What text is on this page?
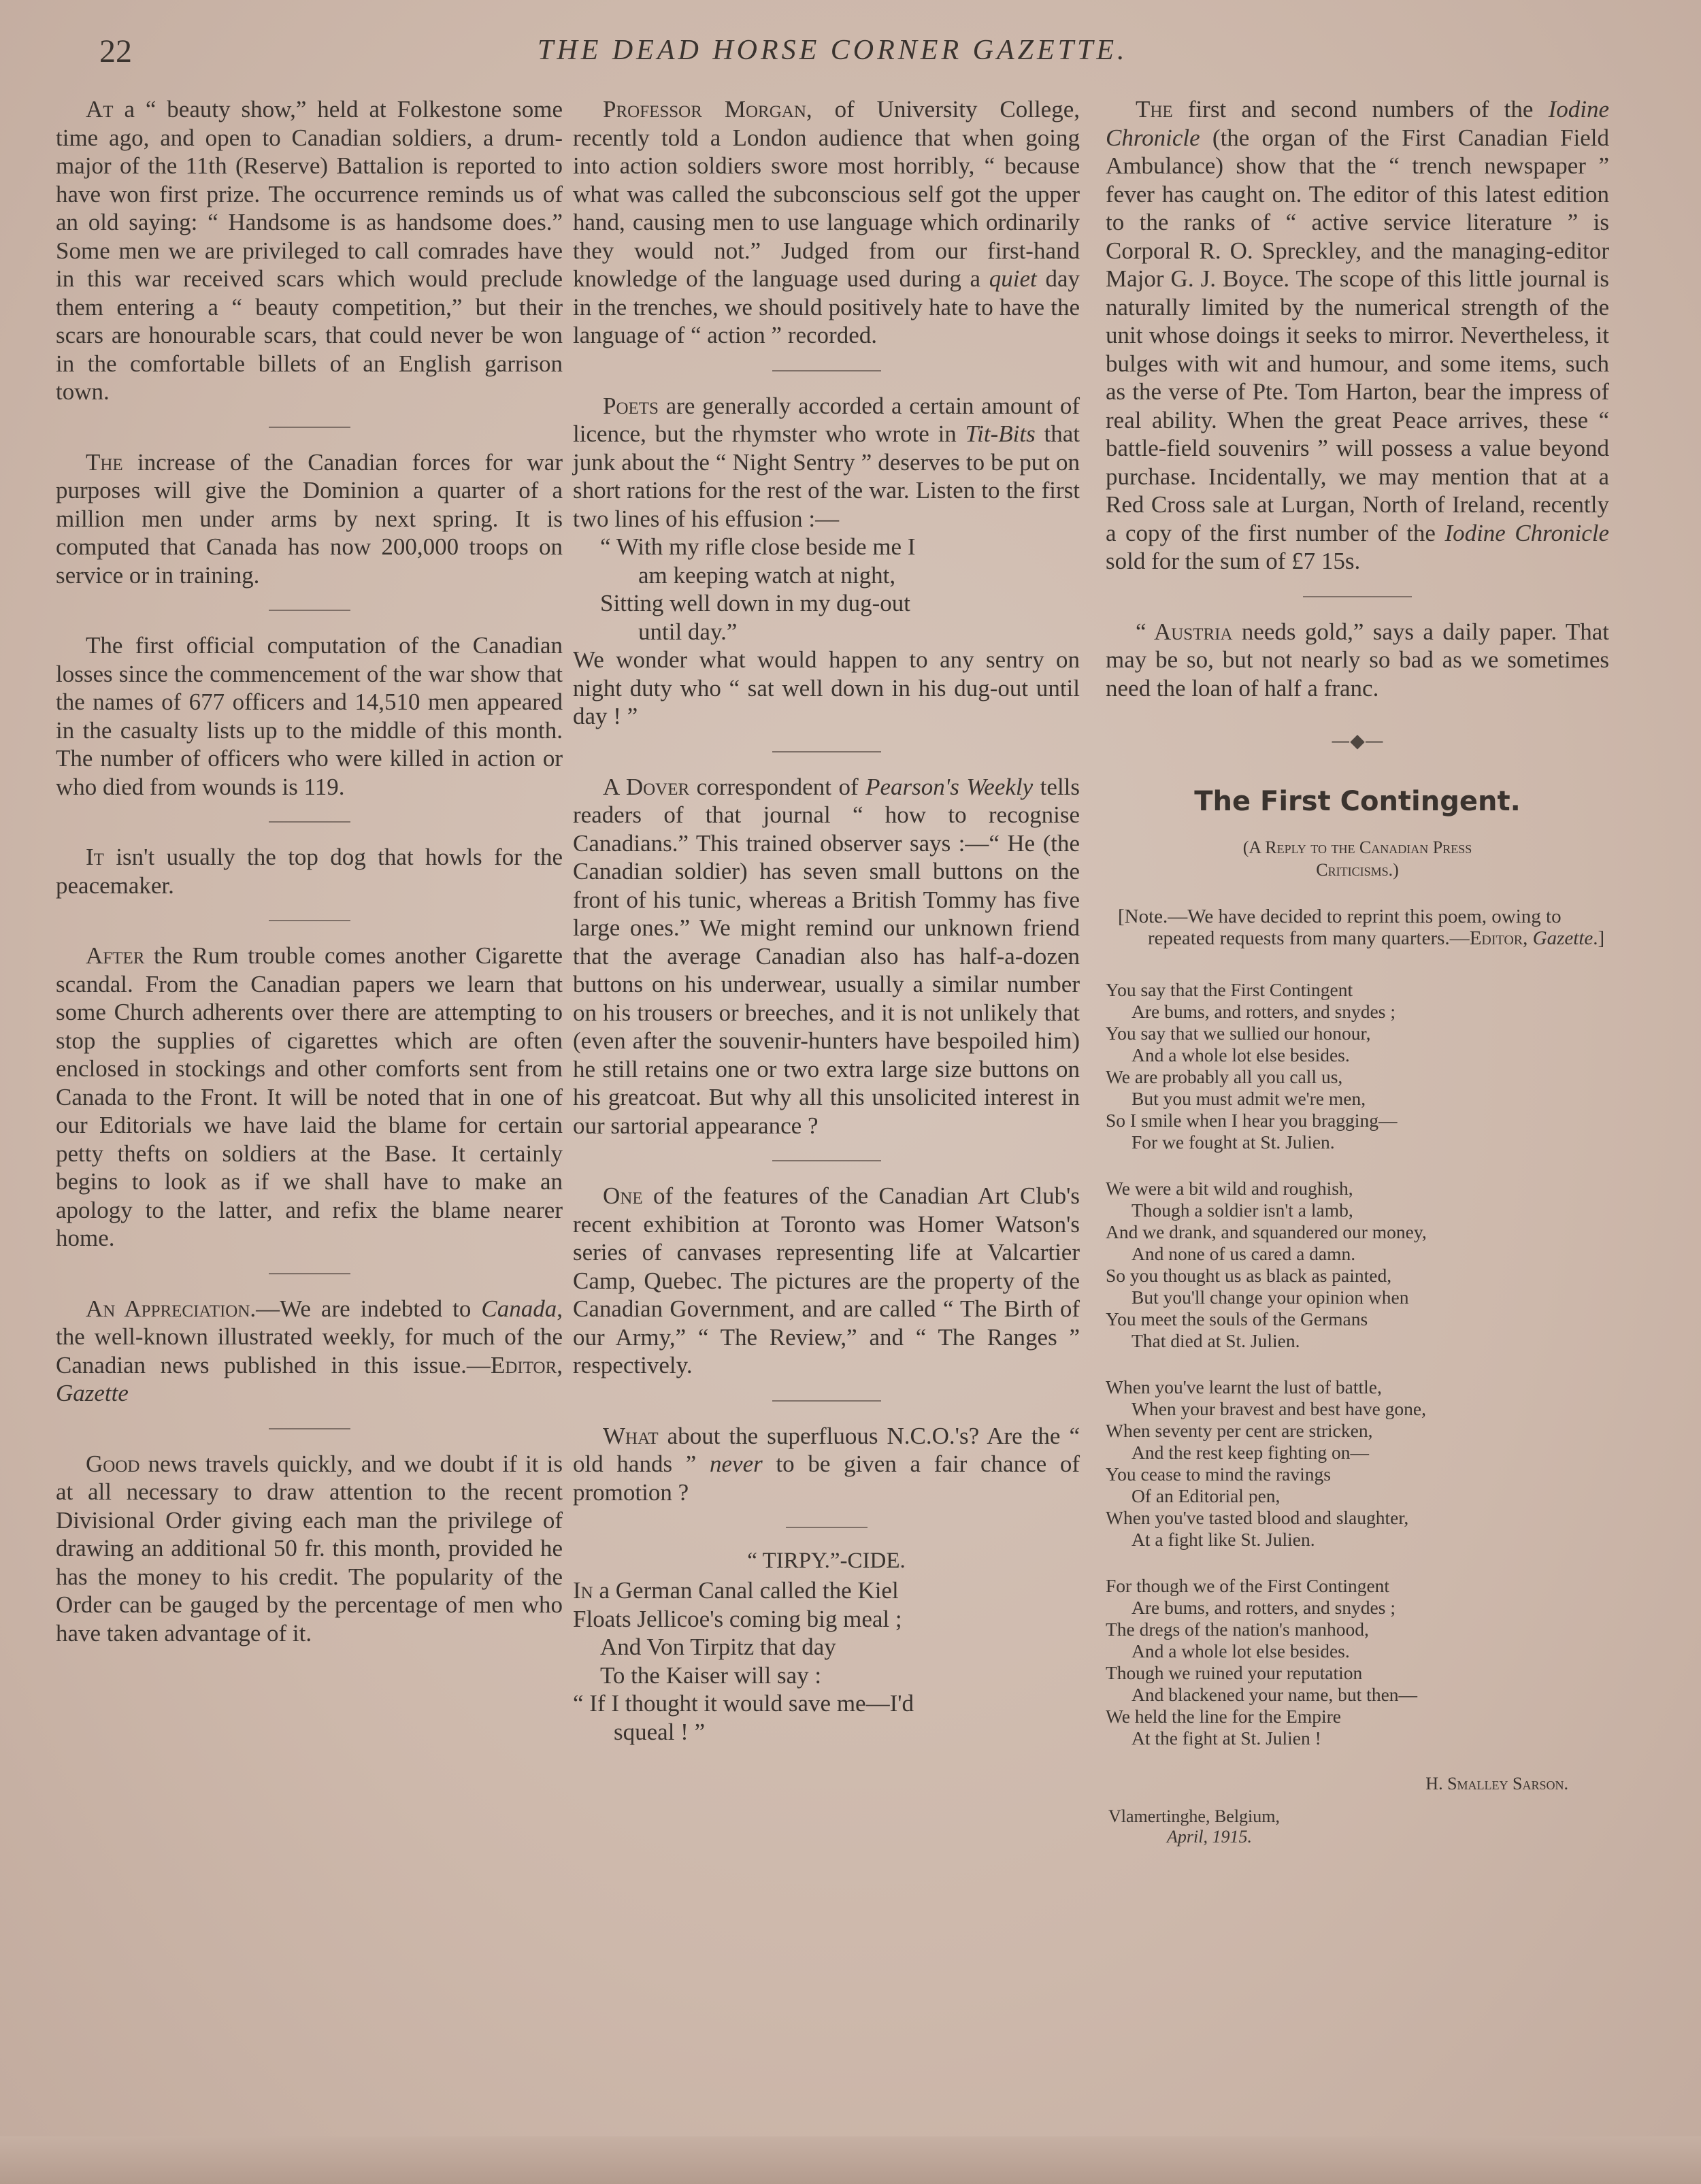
22	THE DEAD HORSE CORNER GAZETTE.

At a “ beauty show,” held at Folkestone some time ago, and open to Canadian soldiers, a drum-major of the 11th (Reserve) Battalion is reported to have won first prize. The occurrence reminds us of an old saying: “ Handsome is as handsome does.” Some men we are privileged to call comrades have in this war received scars which would preclude them entering a “ beauty competition,” but their scars are honourable scars, that could never be won in the comfortable billets of an English garrison town.

The increase of the Canadian forces for war purposes will give the Dominion a quarter of a million men under arms by next spring. It is computed that Canada has now 200,000 troops on service or in training.

The first official computation of the Canadian losses since the commencement of the war show that the names of 677 officers and 14,510 men appeared in the casualty lists up to the middle of this month. The number of officers who were killed in action or who died from wounds is 119.

It isn't usually the top dog that howls for the peacemaker.

After the Rum trouble comes another Cigarette scandal. From the Canadian papers we learn that some Church adherents over there are attempting to stop the supplies of cigarettes which are often enclosed in stockings and other comforts sent from Canada to the Front. It will be noted that in one of our Editorials we have laid the blame for certain petty thefts on soldiers at the Base. It certainly begins to look as if we shall have to make an apology to the latter, and refix the blame nearer home.

An Appreciation.—We are indebted to Canada, the well-known illustrated weekly, for much of the Canadian news published in this issue.—Editor, Gazette

Good news travels quickly, and we doubt if it is at all necessary to draw attention to the recent Divisional Order giving each man the privilege of drawing an additional 50 fr. this month, provided he has the money to his credit. The popularity of the Order can be gauged by the percentage of men who have taken advantage of it.

Professor Morgan, of University College, recently told a London audience that when going into action soldiers swore most horribly, “ because what was called the subconscious self got the upper hand, causing men to use language which ordinarily they would not.” Judged from our first-hand knowledge of the language used during a quiet day in the trenches, we should positively hate to have the language of “ action ” recorded.

Poets are generally accorded a certain amount of licence, but the rhymster who wrote in Tit-Bits that junk about the “ Night Sentry ” deserves to be put on short rations for the rest of the war. Listen to the first two lines of his effusion :—

“ With my rifle close beside me I
am keeping watch at night,
Sitting well down in my dug-out
until day.”

We wonder what would happen to any sentry on night duty who “ sat well down in his dug-out until day ! ”

A Dover correspondent of Pearson's Weekly tells readers of that journal “ how to recognise Canadians.” This trained observer says :—“ He (the Canadian soldier) has seven small buttons on the front of his tunic, whereas a British Tommy has five large ones.” We might remind our unknown friend that the average Canadian also has half-a-dozen buttons on his underwear, usually a similar number on his trousers or breeches, and it is not unlikely that (even after the souvenir-hunters have bespoiled him) he still retains one or two extra large size buttons on his greatcoat. But why all this unsolicited interest in our sartorial appearance ?

One of the features of the Canadian Art Club's recent exhibition at Toronto was Homer Watson's series of canvases representing life at Valcartier Camp, Quebec. The pictures are the property of the Canadian Government, and are called “ The Birth of our Army,” “ The Review,” and “ The Ranges ” respectively.

What about the superfluous N.C.O.'s? Are the “ old hands ” never to be given a fair chance of promotion ?

“ TIRPY.”-CIDE.
In a German Canal called the Kiel
Floats Jellicoe's coming big meal ;
And Von Tirpitz that day
To the Kaiser will say :
“ If I thought it would save me—I'd
squeal ! ”

The first and second numbers of the Iodine Chronicle (the organ of the First Canadian Field Ambulance) show that the “ trench newspaper ” fever has caught on. The editor of this latest edition to the ranks of “ active service literature ” is Corporal R. O. Spreckley, and the managing-editor Major G. J. Boyce. The scope of this little journal is naturally limited by the numerical strength of the unit whose doings it seeks to mirror. Nevertheless, it bulges with wit and humour, and some items, such as the verse of Pte. Tom Harton, bear the impress of real ability. When the great Peace arrives, these “ battle-field souvenirs ” will possess a value beyond purchase. Incidentally, we may mention that at a Red Cross sale at Lurgan, North of Ireland, recently a copy of the first number of the Iodine Chronicle sold for the sum of £7 15s.

“ Austria needs gold,” says a daily paper. That may be so, but not nearly so bad as we sometimes need the loan of half a franc.

—◆—
The First Contingent.
(A Reply to the Canadian Press
Criticisms.)
[Note.—We have decided to reprint this poem, owing to repeated requests from many quarters.—Editor, Gazette.]
You say that the First Contingent
Are bums, and rotters, and snydes ;
You say that we sullied our honour,
And a whole lot else besides.
We are probably all you call us,
But you must admit we're men,
So I smile when I hear you bragging—
For we fought at St. Julien.
We were a bit wild and roughish,
Though a soldier isn't a lamb,
And we drank, and squandered our money,
And none of us cared a damn.
So you thought us as black as painted,
But you'll change your opinion when
You meet the souls of the Germans
That died at St. Julien.
When you've learnt the lust of battle,
When your bravest and best have gone,
When seventy per cent are stricken,
And the rest keep fighting on—
You cease to mind the ravings
Of an Editorial pen,
When you've tasted blood and slaughter,
At a fight like St. Julien.
For though we of the First Contingent
Are bums, and rotters, and snydes ;
The dregs of the nation's manhood,
And a whole lot else besides.
Though we ruined your reputation
And blackened your name, but then—
We held the line for the Empire
At the fight at St. Julien !
H. Smalley Sarson.
Vlamertinghe, Belgium,
April, 1915.
